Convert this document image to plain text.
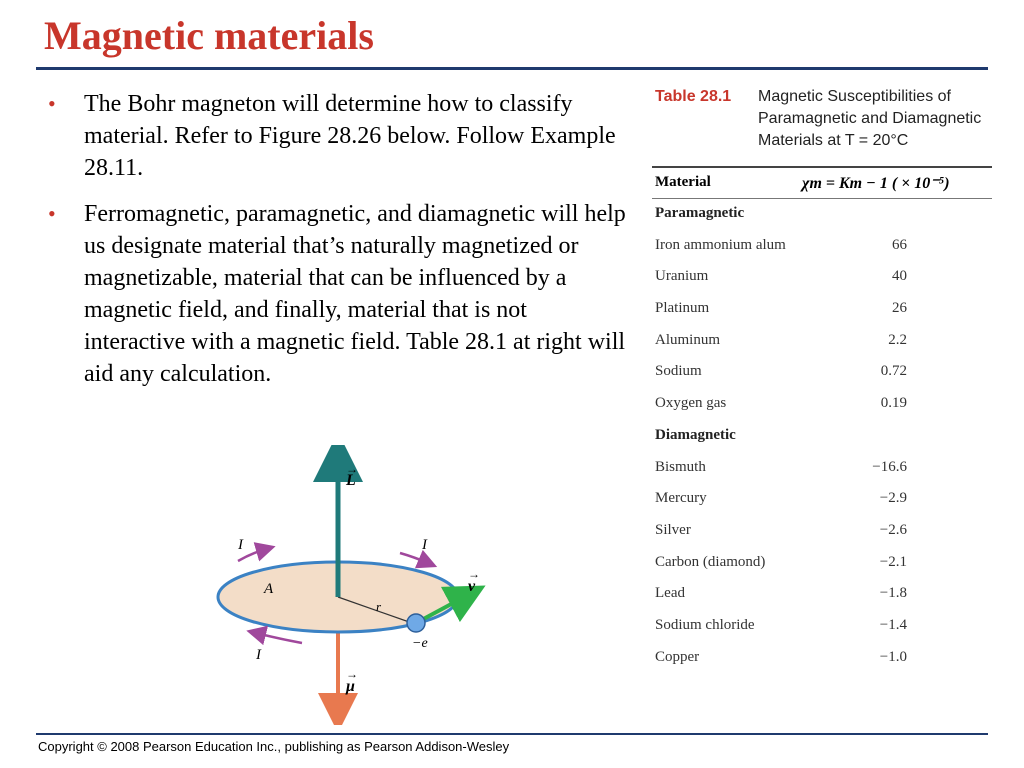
Magnetic materials
• The Bohr magneton will determine how to classify material. Refer to Figure 28.26 below. Follow Example 28.11.
• Ferromagnetic, paramagnetic, and diamagnetic will help us designate material that’s naturally magnetized or magnetizable, material that can be influenced by a magnetic field, and finally, material that is not interactive with a magnetic field. Table 28.1 at right will aid any calculation.
Table 28.1 Magnetic Susceptibilities of Paramagnetic and Diamagnetic Materials at T = 20°C
Material	χm = Km − 1 ( × 10⁻⁵)
Paramagnetic
Iron ammonium alum	66
Uranium	40
Platinum	26
Aluminum	2.2
Sodium	0.72
Oxygen gas	0.19
Diamagnetic
Bismuth	−16.6
Mercury	−2.9
Silver	−2.6
Carbon (diamond)	−2.1
Lead	−1.8
Sodium chloride	−1.4
Copper	−1.0
L
→
μ
→
v
→
r
A
−e
I	I
I
Copyright © 2008 Pearson Education Inc., publishing as Pearson Addison-Wesley
